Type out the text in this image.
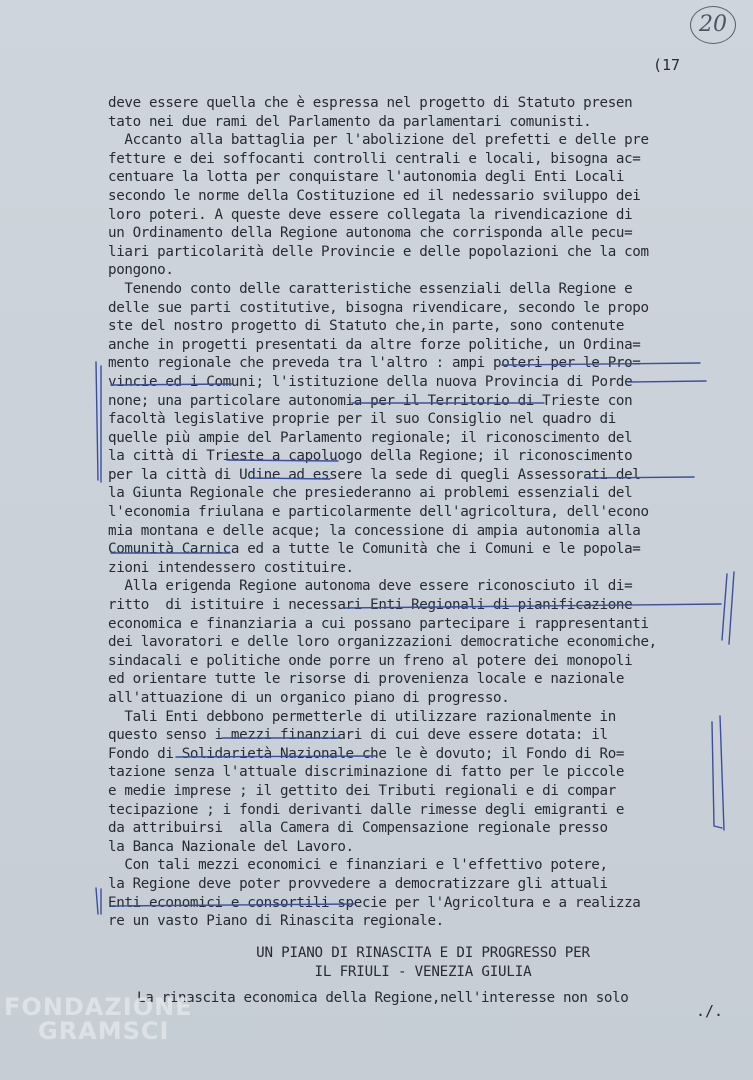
20
(17
deve essere quella che è espressa nel progetto di Statuto presen
tato nei due rami del Parlamento da parlamentari comunisti.
Accanto alla battaglia per l'abolizione del prefetti e delle pre
fetture e dei soffocanti controlli centrali e locali, bisogna ac=
centuare la lotta per conquistare l'autonomia degli Enti Locali
secondo le norme della Costituzione ed il nedessario sviluppo dei
loro poteri. A queste deve essere collegata la rivendicazione di
un Ordinamento della Regione autonoma che corrisponda alle pecu=
liari particolarità delle Provincie e delle popolazioni che la com
pongono.
Tenendo conto delle caratteristiche essenziali della Regione e
delle sue parti costitutive, bisogna rivendicare, secondo le propo
ste del nostro progetto di Statuto che,in parte, sono contenute
anche in progetti presentati da altre forze politiche, un Ordina=
mento regionale che preveda tra l'altro : ampi poteri per le Pro=
vincie ed i Comuni; l'istituzione della nuova Provincia di Porde
none; una particolare autonomia per il Territorio di Trieste con
facoltà legislative proprie per il suo Consiglio nel quadro di
quelle più ampie del Parlamento regionale; il riconoscimento del
la città di Trieste a capoluogo della Regione; il riconoscimento
per la città di Udine ad essere la sede di quegli Assessorati del
la Giunta Regionale che presiederanno ai problemi essenziali del
l'economia friulana e particolarmente dell'agricoltura, dell'econo
mia montana e delle acque; la concessione di ampia autonomia alla
Comunità Carnica ed a tutte le Comunità che i Comuni e le popola=
zioni intendessero costituire.
Alla erigenda Regione autonoma deve essere riconosciuto il di=
ritto  di istituire i necessari Enti Regionali di pianificazione
economica e finanziaria a cui possano partecipare i rappresentanti
dei lavoratori e delle loro organizzazioni democratiche economiche,
sindacali e politiche onde porre un freno al potere dei monopoli
ed orientare tutte le risorse di provenienza locale e nazionale
all'attuazione di un organico piano di progresso.
Tali Enti debbono permetterle di utilizzare razionalmente in
questo senso i mezzi finanziari di cui deve essere dotata: il
Fondo di Solidarietà Nazionale che le è dovuto; il Fondo di Ro=
tazione senza l'attuale discriminazione di fatto per le piccole
e medie imprese ; il gettito dei Tributi regionali e di compar
tecipazione ; i fondi derivanti dalle rimesse degli emigranti e
da attribuirsi  alla Camera di Compensazione regionale presso
la Banca Nazionale del Lavoro.
Con tali mezzi economici e finanziari e l'effettivo potere,
la Regione deve poter provvedere a democratizzare gli attuali
Enti economici e consortili specie per l'Agricoltura e a realizza
re un vasto Piano di Rinascita regionale.
UN PIANO DI RINASCITA E DI PROGRESSO PER
IL FRIULI - VENEZIA GIULIA
La rinascita economica della Regione,nell'interesse non solo
./.
FONDAZIONE
GRAMSCI
